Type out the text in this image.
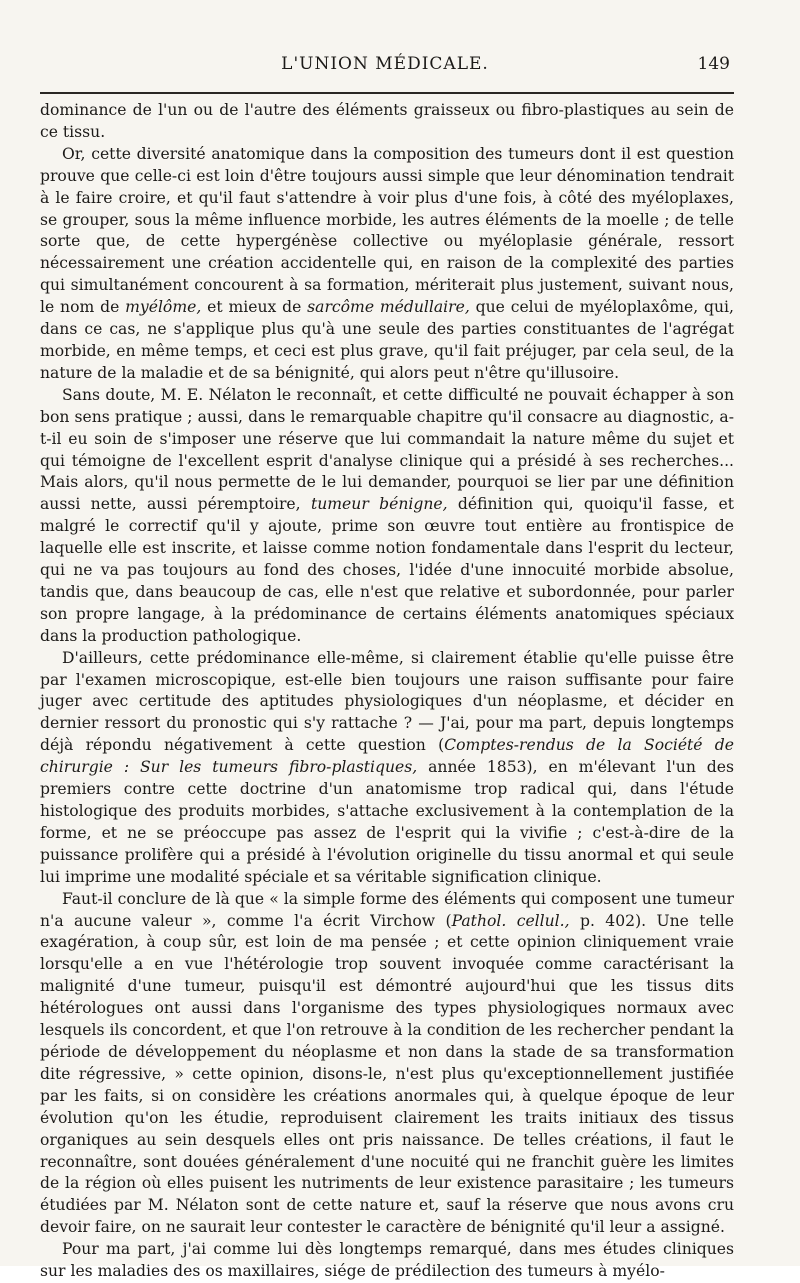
L'UNION MÉDICALE.	149

dominance de l'un ou de l'autre des éléments graisseux ou fibro-plastiques au sein de ce tissu.

Or, cette diversité anatomique dans la composition des tumeurs dont il est question prouve que celle-ci est loin d'être toujours aussi simple que leur dénomination tendrait à le faire croire, et qu'il faut s'attendre à voir plus d'une fois, à côté des myéloplaxes, se grouper, sous la même influence morbide, les autres éléments de la moelle ; de telle sorte que, de cette hypergénèse collective ou myéloplasie générale, ressort nécessairement une création accidentelle qui, en raison de la complexité des parties qui simultanément concourent à sa formation, mériterait plus justement, suivant nous, le nom de myélôme, et mieux de sarcôme médullaire, que celui de myéloplaxôme, qui, dans ce cas, ne s'applique plus qu'à une seule des parties constituantes de l'agrégat morbide, en même temps, et ceci est plus grave, qu'il fait préjuger, par cela seul, de la nature de la maladie et de sa bénignité, qui alors peut n'être qu'illusoire.

Sans doute, M. E. Nélaton le reconnaît, et cette difficulté ne pouvait échapper à son bon sens pratique ; aussi, dans le remarquable chapitre qu'il consacre au diagnostic, a-t-il eu soin de s'imposer une réserve que lui commandait la nature même du sujet et qui témoigne de l'excellent esprit d'analyse clinique qui a présidé à ses recherches... Mais alors, qu'il nous permette de le lui demander, pourquoi se lier par une définition aussi nette, aussi péremptoire, tumeur bénigne, définition qui, quoiqu'il fasse, et malgré le correctif qu'il y ajoute, prime son œuvre tout entière au frontispice de laquelle elle est inscrite, et laisse comme notion fondamentale dans l'esprit du lecteur, qui ne va pas toujours au fond des choses, l'idée d'une innocuité morbide absolue, tandis que, dans beaucoup de cas, elle n'est que relative et subordonnée, pour parler son propre langage, à la prédominance de certains éléments anatomiques spéciaux dans la production pathologique.

D'ailleurs, cette prédominance elle-même, si clairement établie qu'elle puisse être par l'examen microscopique, est-elle bien toujours une raison suffisante pour faire juger avec certitude des aptitudes physiologiques d'un néoplasme, et décider en dernier ressort du pronostic qui s'y rattache ? — J'ai, pour ma part, depuis longtemps déjà répondu négativement à cette question (Comptes-rendus de la Société de chirurgie : Sur les tumeurs fibro-plastiques, année 1853), en m'élevant l'un des premiers contre cette doctrine d'un anatomisme trop radical qui, dans l'étude histologique des produits morbides, s'attache exclusivement à la contemplation de la forme, et ne se préoccupe pas assez de l'esprit qui la vivifie ; c'est-à-dire de la puissance prolifère qui a présidé à l'évolution originelle du tissu anormal et qui seule lui imprime une modalité spéciale et sa véritable signification clinique.

Faut-il conclure de là que « la simple forme des éléments qui composent une tumeur n'a aucune valeur », comme l'a écrit Virchow (Pathol. cellul., p. 402). Une telle exagération, à coup sûr, est loin de ma pensée ; et cette opinion cliniquement vraie lorsqu'elle a en vue l'hétérologie trop souvent invoquée comme caractérisant la malignité d'une tumeur, puisqu'il est démontré aujourd'hui que les tissus dits hétérologues ont aussi dans l'organisme des types physiologiques normaux avec lesquels ils concordent, et que l'on retrouve à la condition de les rechercher pendant la période de développement du néoplasme et non dans la stade de sa transformation dite régressive, » cette opinion, disons-le, n'est plus qu'exceptionnellement justifiée par les faits, si on considère les créations anormales qui, à quelque époque de leur évolution qu'on les étudie, reproduisent clairement les traits initiaux des tissus organiques au sein desquels elles ont pris naissance. De telles créations, il faut le reconnaître, sont douées généralement d'une nocuité qui ne franchit guère les limites de la région où elles puisent les nutriments de leur existence parasitaire ; les tumeurs étudiées par M. Nélaton sont de cette nature et, sauf la réserve que nous avons cru devoir faire, on ne saurait leur contester le caractère de bénignité qu'il leur a assigné.

Pour ma part, j'ai comme lui dès longtemps remarqué, dans mes études cliniques sur les maladies des os maxillaires, siége de prédilection des tumeurs à myélo-
